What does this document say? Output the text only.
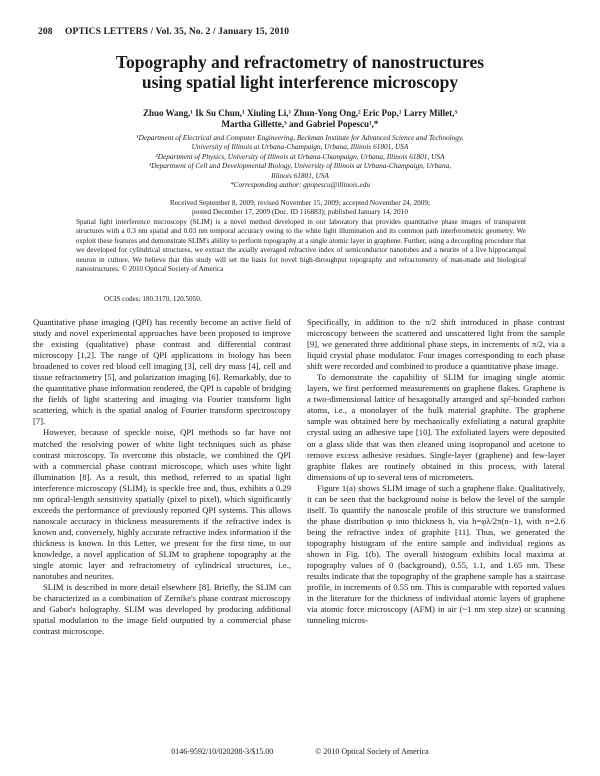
208 OPTICS LETTERS / Vol. 35, No. 2 / January 15, 2010
Topography and refractometry of nanostructures
using spatial light interference microscopy
Zhuo Wang,¹ Ik Su Chun,¹ Xiuling Li,¹ Zhun-Yong Ong,² Eric Pop,¹ Larry Millet,³
Martha Gillette,³ and Gabriel Popescu¹,*
¹Department of Electrical and Computer Engineering, Beckman Institute for Advanced Science and Technology,
University of Illinois at Urbana-Champaign, Urbana, Illinois 61801, USA
²Department of Physics, University of Illinois at Urbana-Champaign, Urbana, Illinois 61801, USA
³Department of Cell and Developmental Biology, University of Illinois at Urbana-Champaign, Urbana,
Illinois 61801, USA
*Corresponding author: gpopescu@illinois.edu
Received September 8, 2009; revised November 15, 2009; accepted November 24, 2009;
posted December 17, 2009 (Doc. ID 116883); published January 14, 2010
Spatial light interference microscopy (SLIM) is a novel method developed in our laboratory that provides quantitative phase images of transparent structures with a 0.3 nm spatial and 0.03 nm temporal accuracy owing to the white light illumination and its common path interferometric geometry. We exploit these features and demonstrate SLIM's ability to perform topography at a single atomic layer in graphene. Further, using a decoupling procedure that we developed for cylindrical structures, we extract the axially averaged refractive index of semiconductor nanotubes and a neurite of a live hippocampal neuron in culture. We believe that this study will set the basis for novel high-throughput topography and refractometry of man-made and biological nanostructures. © 2010 Optical Society of America
OCIS codes: 180.3170, 120.5050.

Quantitative phase imaging (QPI) has recently become an active field of study and novel experimental approaches have been proposed to improve the existing (qualitative) phase contrast and differential contrast microscopy [1,2]. The range of QPI applications in biology has been broadened to cover red blood cell imaging [3], cell dry mass [4], cell and tissue refractometry [5], and polarization imaging [6]. Remarkably, due to the quantitative phase information rendered, the QPI is capable of bridging the fields of light scattering and imaging via Fourier transform light scattering, which is the spatial analog of Fourier transform spectroscopy [7].

However, because of speckle noise, QPI methods so far have not matched the resolving power of white light techniques such as phase contrast microscopy. To overcome this obstacle, we combined the QPI with a commercial phase contrast microscope, which uses white light illumination [8]. As a result, this method, referred to as spatial light interference microscopy (SLIM), is speckle free and, thus, exhibits a 0.29 nm optical-length sensitivity spatially (pixel to pixel), which significantly exceeds the performance of previously reported QPI systems. This allows nanoscale accuracy in thickness measurements if the refractive index is known and, conversely, highly accurate refractive index information if the thickness is known. In this Letter, we present for the first time, to our knowledge, a novel application of SLIM to graphene topography at the single atomic layer and refractometry of cylindrical structures, i.e., nanotubes and neurites.

SLIM is described in more detail elsewhere [8]. Briefly, the SLIM can be characterized as a combination of Zernike's phase contrast microscopy and Gabor's holography. SLIM was developed by producing additional spatial modulation to the image field outputted by a commercial phase contrast microscope.

Specifically, in addition to the π/2 shift introduced in phase contrast microscopy between the scattered and unscattered light from the sample [9], we generated three additional phase steps, in increments of π/2, via a liquid crystal phase modulator. Four images corresponding to each phase shift were recorded and combined to produce a quantitative phase image.

To demonstrate the capability of SLIM for imaging single atomic layers, we first performed measurements on graphene flakes. Graphene is a two-dimensional lattice of hexagonally arranged and sp²-bonded carbon atoms, i.e., a monolayer of the bulk material graphite. The graphene sample was obtained here by mechanically exfoliating a natural graphite crystal using an adhesive tape [10]. The exfoliated layers were deposited on a glass slide that was then cleaned using isopropanol and acetone to remove excess adhesive residues. Single-layer (graphene) and few-layer graphite flakes are routinely obtained in this process, with lateral dimensions of up to several tens of micrometers.

Figure 1(a) shows SLIM image of such a graphene flake. Qualitatively, it can be seen that the background noise is below the level of the sample itself. To quantify the nanoscale profile of this structure we transformed the phase distribution φ into thickness h, via h=φλ/2π(n−1), with n=2.6 being the refractive index of graphite [11]. Thus, we generated the topography histogram of the entire sample and individual regions as shown in Fig. 1(b). The overall histogram exhibits local maxima at topography values of 0 (background), 0.55, 1.1, and 1.65 nm. These results indicate that the topography of the graphene sample has a staircase profile, in increments of 0.55 nm. This is comparable with reported values in the literature for the thickness of individual atomic layers of graphene via atomic force microscopy (AFM) in air (~1 nm step size) or scanning tunneling micros-

0146-9592/10/020208-3/$15.00	© 2010 Optical Society of America
